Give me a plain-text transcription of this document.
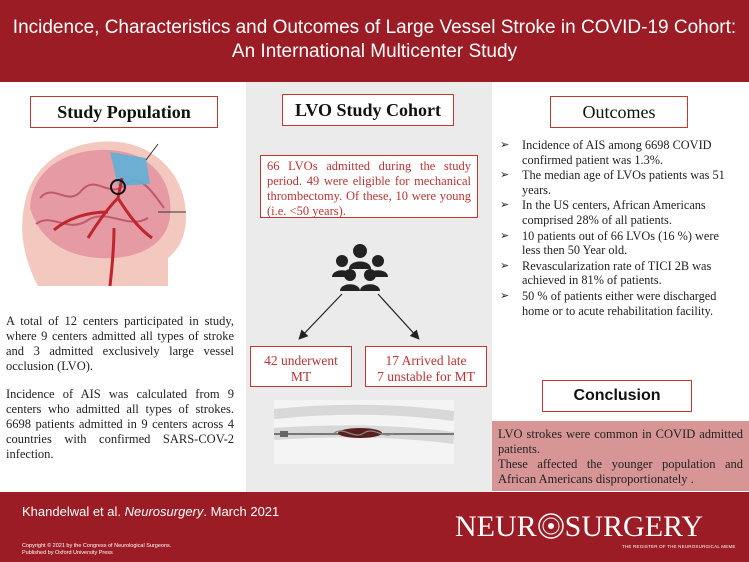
Incidence, Characteristics and Outcomes of Large Vessel Stroke in COVID-19 Cohort:
An International Multicenter Study
Study Population
A total of 12 centers participated in study, where 9 centers admitted all types of stroke and 3 admitted exclusively large vessel occlusion (LVO).
Incidence of AIS was calculated from 9 centers who admitted all types of strokes. 6698 patients admitted in 9 centers across 4 countries with confirmed SARS-COV-2 infection.
LVO Study Cohort
66 LVOs admitted during the study period. 49 were eligible for mechanical thrombectomy. Of these, 10 were young (i.e. <50 years).
42 underwent
MT
17 Arrived late
7 unstable for MT
Outcomes
➢ Incidence of AIS among 6698 COVID confirmed patient was 1.3%.
➢ The median age of LVOs patients was 51 years.
➢ In the US centers, African Americans comprised 28% of all patients.
➢ 10 patients out of 66 LVOs (16 %) were less then 50 Year old.
➢ Revascularization rate of TICI 2B was achieved in 81% of patients.
➢ 50 % of patients either were discharged home or to acute rehabilitation facility.
Conclusion
LVO strokes were common in COVID admitted patients.
These affected the younger population and African Americans disproportionately .
Khandelwal et al. Neurosurgery. March 2021
Copyright © 2021 by the Congress of Neurological Surgeons.
Published by Oxford University Press
NEUR SURGERY
THE REGISTER OF THE NEUROSURGICAL MEME
